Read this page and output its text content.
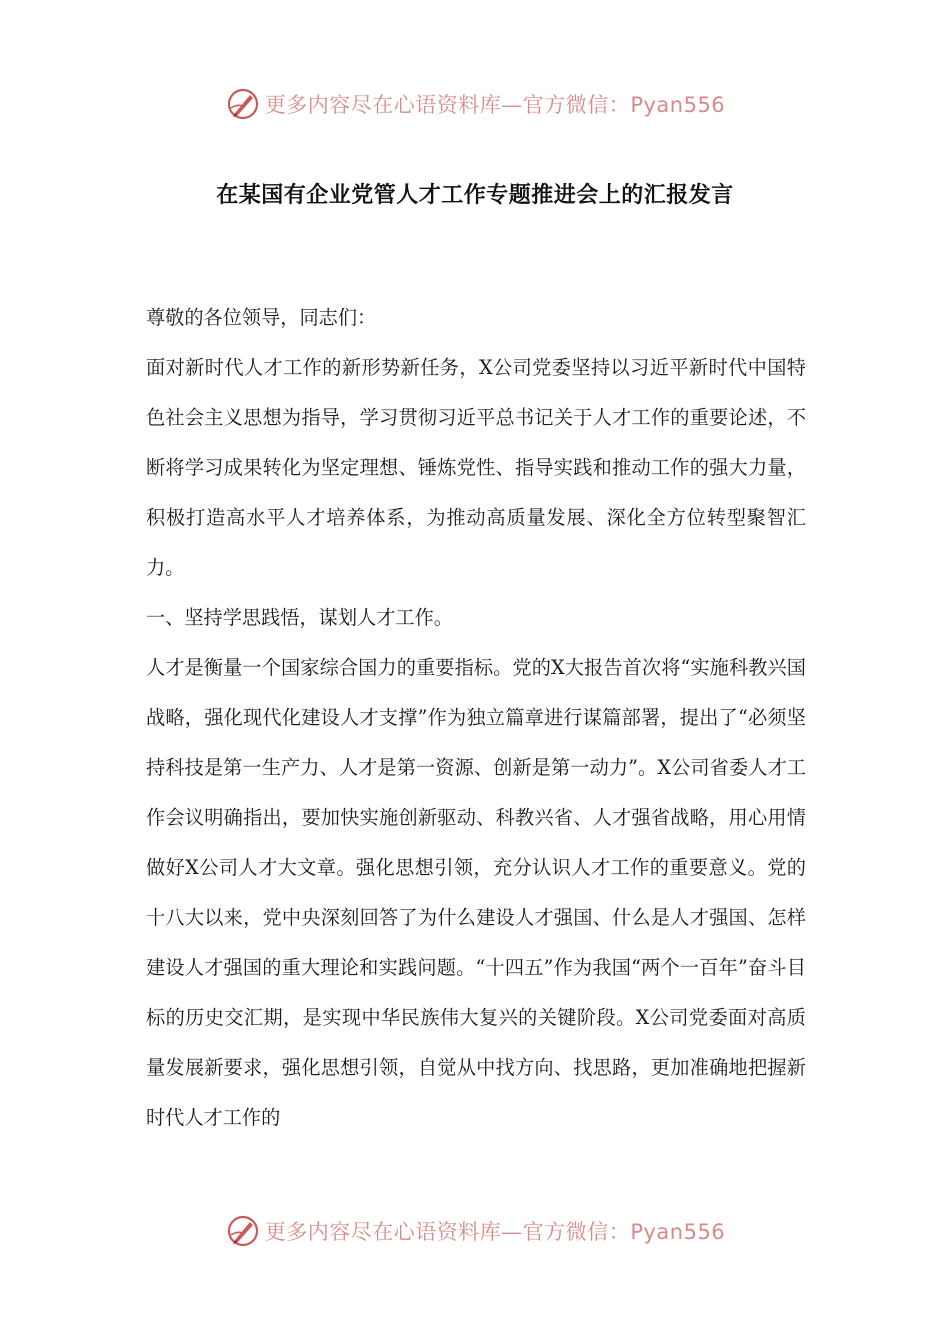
更多内容尽在心语资料库—官方微信：Pyan556
在某国有企业党管人才工作专题推进会上的汇报发言

尊敬的各位领导，同志们：

面对新时代人才工作的新形势新任务，X公司党委坚持以习近平新时代中国特色社会主义思想为指导，学习贯彻习近平总书记关于人才工作的重要论述，不断将学习成果转化为坚定理想、锤炼党性、指导实践和推动工作的强大力量，积极打造高水平人才培养体系，为推动高质量发展、深化全方位转型聚智汇力。

一、坚持学思践悟，谋划人才工作。

人才是衡量一个国家综合国力的重要指标。党的X大报告首次将“实施科教兴国战略，强化现代化建设人才支撑”作为独立篇章进行谋篇部署，提出了“必须坚持科技是第一生产力、人才是第一资源、创新是第一动力”。X公司省委人才工作会议明确指出，要加快实施创新驱动、科教兴省、人才强省战略，用心用情做好X公司人才大文章。强化思想引领，充分认识人才工作的重要意义。党的十八大以来，党中央深刻回答了为什么建设人才强国、什么是人才强国、怎样建设人才强国的重大理论和实践问题。“十四五”作为我国“两个一百年”奋斗目标的历史交汇期，是实现中华民族伟大复兴的关键阶段。X公司党委面对高质量发展新要求，强化思想引领，自觉从中找方向、找思路，更加准确地把握新时代人才工作的

更多内容尽在心语资料库—官方微信：Pyan556
